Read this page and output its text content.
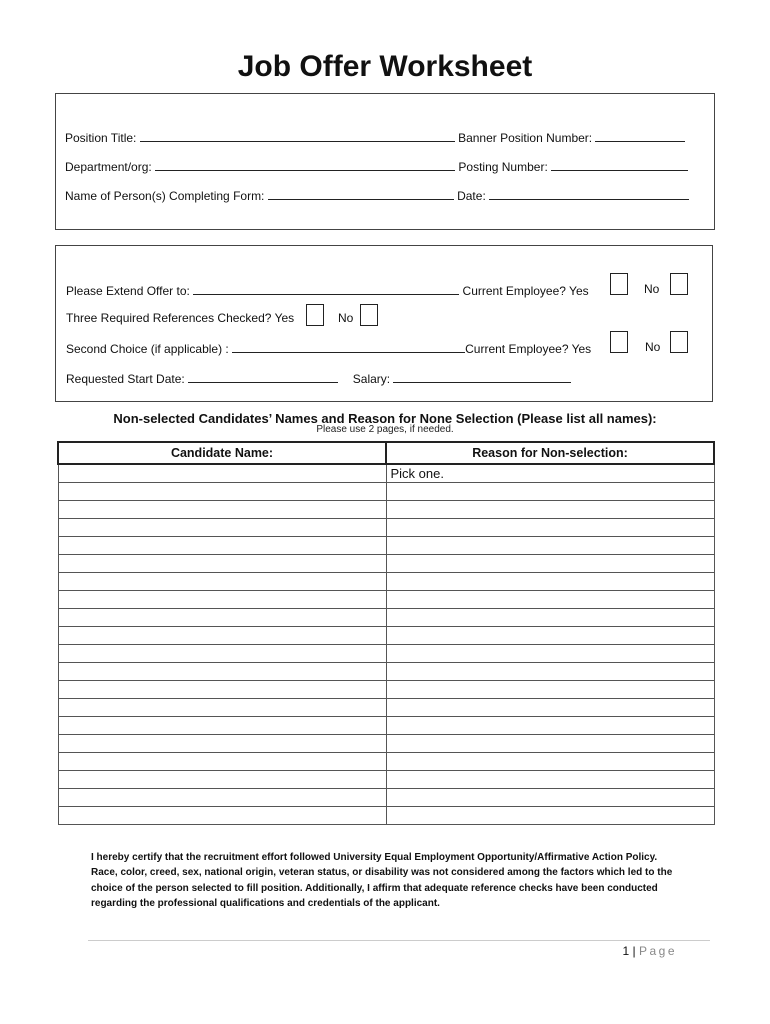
Job Offer Worksheet
Position Title:	Banner Position Number:
Department/org:	Posting Number:
Name of Person(s) Completing Form:	Date:
Please Extend Offer to:	Current Employee? Yes	No
Three Required References Checked? Yes	No
Second Choice (if applicable) :	Current Employee? Yes	No
Requested Start Date:	Salary:
Non-selected Candidates’ Names and Reason for None Selection (Please list all names):
Please use 2 pages, if needed.
Candidate Name:	Reason for Non-selection:
	Pick one.

I hereby certify that the recruitment effort followed University Equal Employment Opportunity/Affirmative Action Policy. Race, color, creed, sex, national origin, veteran status, or disability was not considered among the factors which led to the choice of the person selected to fill position. Additionally, I affirm that adequate reference checks have been conducted regarding the professional qualifications and credentials of the applicant.
1 | Page
